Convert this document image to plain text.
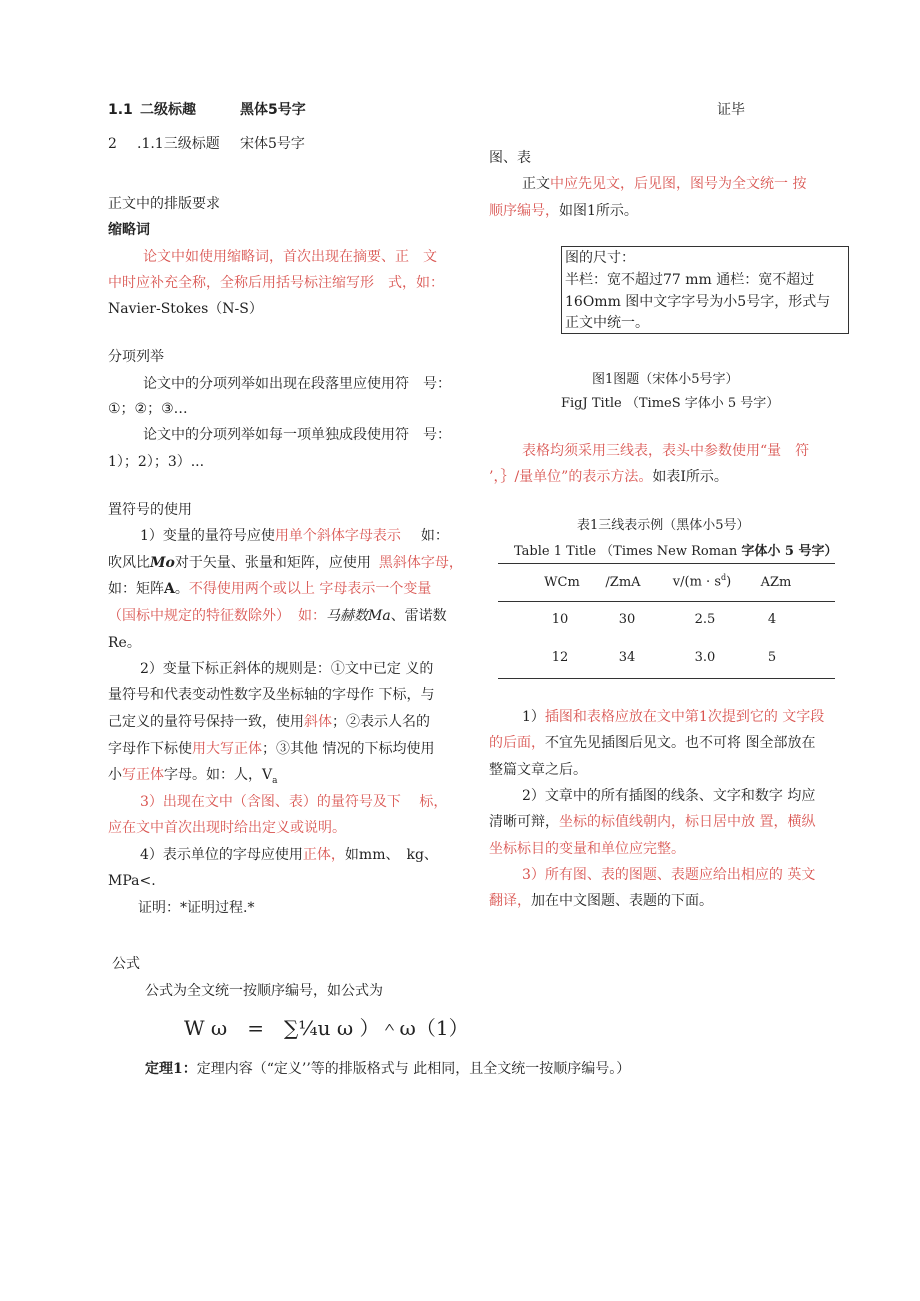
1.1 二级标趣	黑体5号字
2 .1.1三级标题 宋体5号字
正文中的排版要求
缩略词
论文中如使用缩略词，首次出现在摘要、正　文
中时应补充全称，全称后用括号标注缩写形　式，如：
Navier-Stokes（N-S）
分项列举
论文中的分项列举如出现在段落里应使用符　号：
①；②；③…
论文中的分项列举如每一项单独成段使用符　号：
1）；2）；3）...
置符号的使用
1）变量的量符号应使用单个斜体字母表示 如：
吹风比Mo对于矢量、张量和矩阵，应使用 黑斜体字母，
如：矩阵A。不得使用两个或以上 字母表示一个变量
（国标中规定的特征数除外） 如：马赫数Ma、雷诺数
Re。
2）变量下标正斜体的规则是：①文中已定 义的
量符号和代表变动性数字及坐标轴的字母作 下标，与
己定义的量符号保持一致，使用斜体；②表示人名的
字母作下标使用大写正体；③其他 情况的下标均使用
小写正体字母。如：人，$V_a$
3）出现在文中（含图、表）的量符号及下　 标，
应在文中首次出现时给出定义或说明。
4）表示单位的字母应使用正体，如mm、　kg、
MPa<.
证明：*证明过程.*
公式
公式为全文统一按顺序编号，如公式为
W ω　=　∑¼u ω ）＾ω（1）
定理1：定理内容（“定义’’等的排版格式与 此相同，且全文统一按顺序编号。）
证毕
图、表
正文中应先见文，后见图，图号为全文统一 按
顺序编号，如图1所示。
图的尺寸：
半栏：宽不超过77 mm 通栏：宽不超过
16Omm 图中文字字号为小5号字，形式与
正文中统一。
图1图题（宋体小5号字）
FigJ Title （TimeS 字体小 5 号字）
表格均须采用三线表，表头中参数使用“量　符
’，｝/量单位”的表示方法。如表I所示。
表1三线表示例（黑体小5号）
Table 1 Title （Times New Roman 字体小 5 号字）
WCm	/ZmA	$v/(m \cdot s^d)$	AZm
10	30	2.5	4
12	34	3.0	5
1）插图和表格应放在文中第1次提到它的 文字段
的后面，不宜先见插图后见文。也不可将 图全部放在
整篇文章之后。
2）文章中的所有插图的线条、文字和数字 均应
清晰可辩，坐标的标值线朝内，标日居中放 置，横纵
坐标标目的变量和单位应完整。
3）所有图、表的图题、表题应给出相应的 英文
翻译，加在中文图题、表题的下面。
